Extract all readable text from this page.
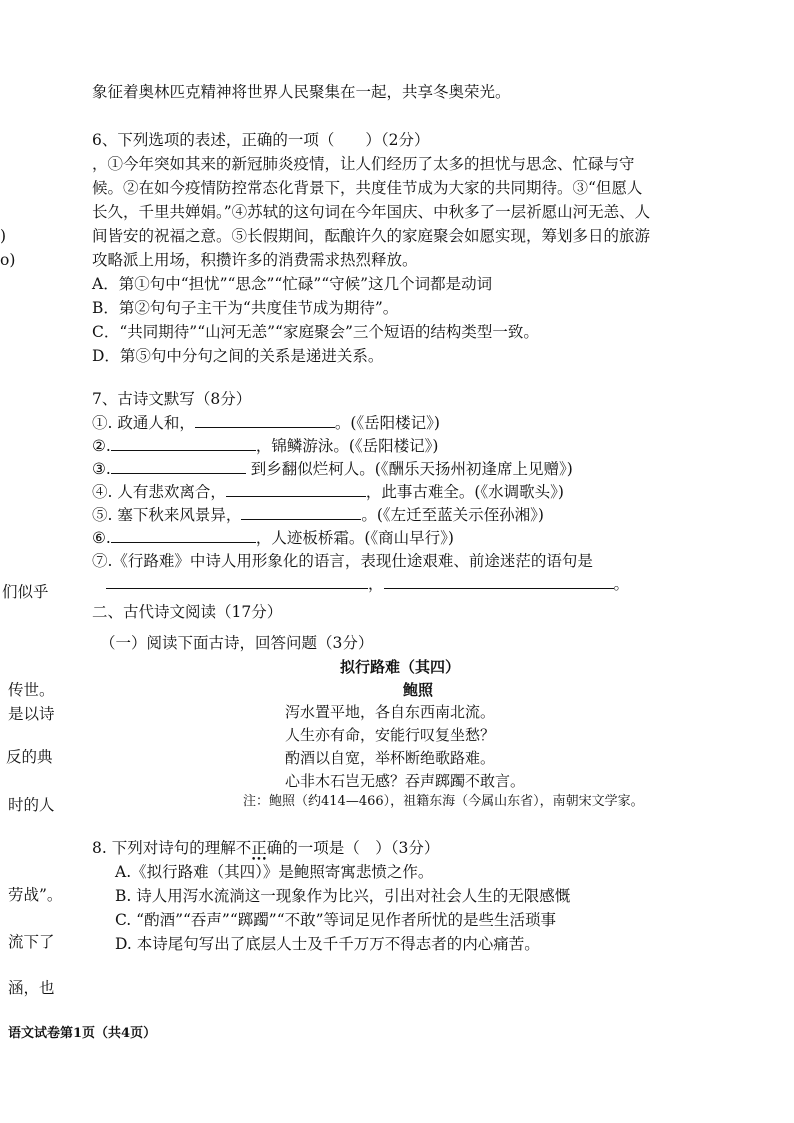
象征着奥林匹克精神将世界人民聚集在一起，共享冬奥荣光。
6、下列选项的表述，正确的一项（　　）（2分）
，①今年突如其来的新冠肺炎疫情，让人们经历了太多的担忧与思念、忙碌与守
候。②在如今疫情防控常态化背景下，共度佳节成为大家的共同期待。③“但愿人
长久，千里共婵娟。”④苏轼的这句词在今年国庆、中秋多了一层祈愿山河无恙、人
间皆安的祝福之意。⑤长假期间，酝酿许久的家庭聚会如愿实现，筹划多日的旅游
攻略派上用场，积攒许多的消费需求热烈释放。
A．第①句中“担忧”“思念”“忙碌”“守候”这几个词都是动词
B．第②句句子主干为“共度佳节成为期待”。
C．“共同期待”“山河无恙”“家庭聚会”三个短语的结构类型一致。
D．第⑤句中分句之间的关系是递进关系。
7、古诗文默写（8分）
①. 政通人和，	。(《岳阳楼记》)
②.	，锦鳞游泳。(《岳阳楼记》)
③.	到乡翻似烂柯人。(《酬乐天扬州初逢席上见赠》)
④. 人有悲欢离合，	，此事古难全。(《水调歌头》)
⑤. 塞下秋来风景异，	。(《左迁至蓝关示侄孙湘》)
⑥.	，人迹板桥霜。(《商山早行》)
⑦.《行路难》中诗人用形象化的语言，表现仕途艰难、前途迷茫的语句是
，	。
二、古代诗文阅读（17分）
（一）阅读下面古诗，回答问题（3分）
拟行路难（其四）
鲍照
泻水置平地，各自东西南北流。
人生亦有命，安能行叹复坐愁？
酌酒以自宽，举杯断绝歌路难。
心非木石岂无感？吞声踯躅不敢言。
注：鲍照（约414—466），祖籍东海（今属山东省），南朝宋文学家。
8. 下列对诗句的理解不正确
•••
的一项是（　）（3分）
A.《拟行路难（其四）》是鲍照寄寓悲愤之作。
B. 诗人用泻水流淌这一现象作为比兴，引出对社会人生的无限感慨
C. “酌酒”“吞声”“踯躅”“不敢”等词足见作者所忧的是些生活琐事
D. 本诗尾句写出了底层人士及千千万万不得志者的内心痛苦。
)
o)
们似乎
传世。
是以诗
反的典
时的人
劳战”。
流下了
涵，也
语文试卷第1页（共4页）
